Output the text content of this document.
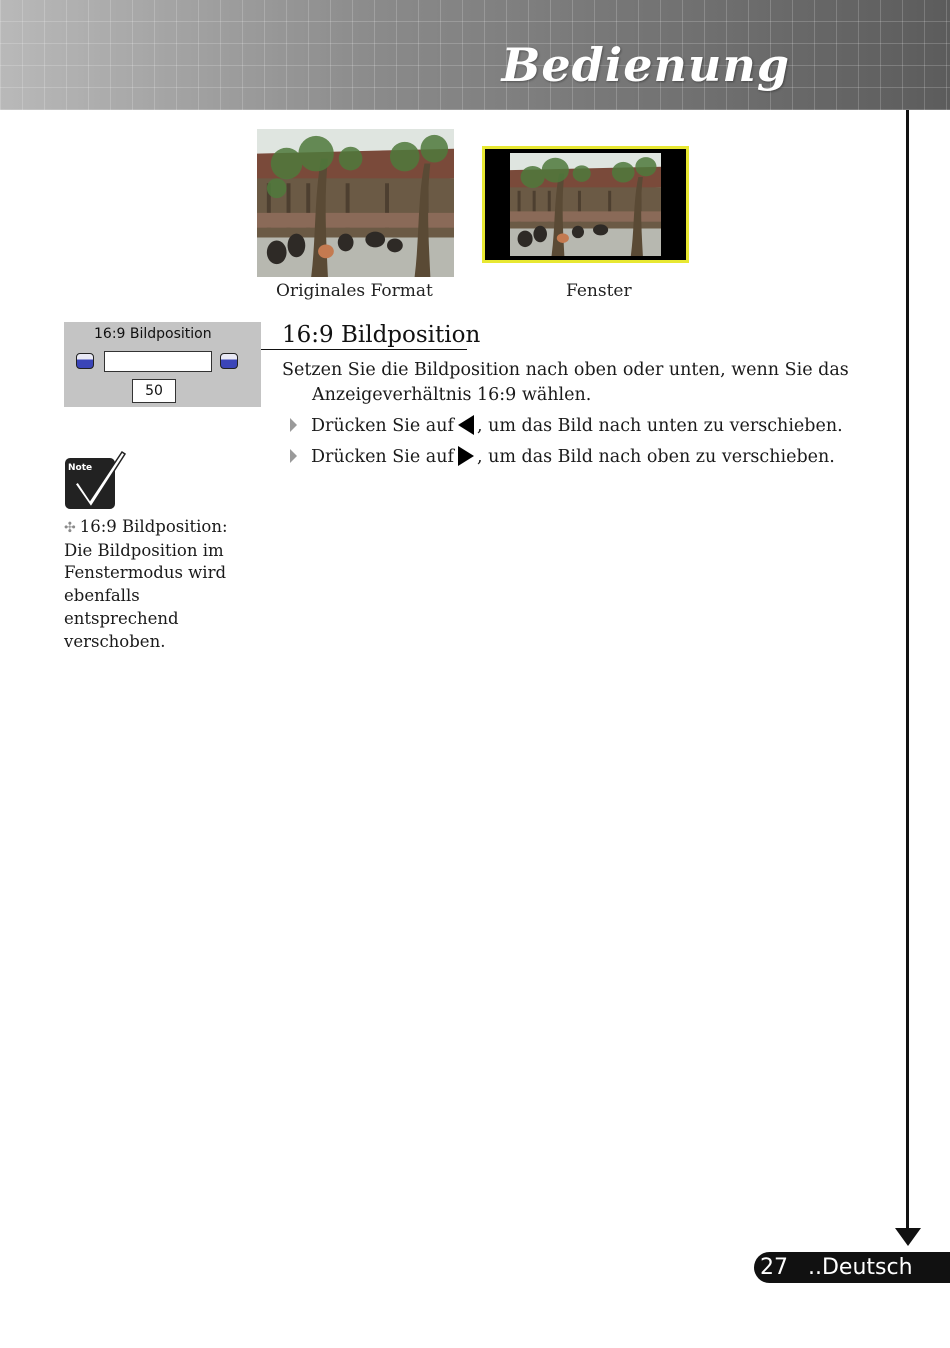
Bedienung
Originales Format	Fenster
16:9 Bildposition
50
16:9 Bildposition
Setzen Sie die Bildposition nach oben oder unten, wenn Sie das Anzeigeverhältnis 16:9 wählen.
Drücken Sie auf , um das Bild nach unten zu verschieben.
Drücken Sie auf , um das Bild nach oben zu verschieben.
Note
✣ 16:9 Bildposition: Die Bildposition im Fenstermodus wird ebenfalls entsprechend verschoben.
27 ..Deutsch
